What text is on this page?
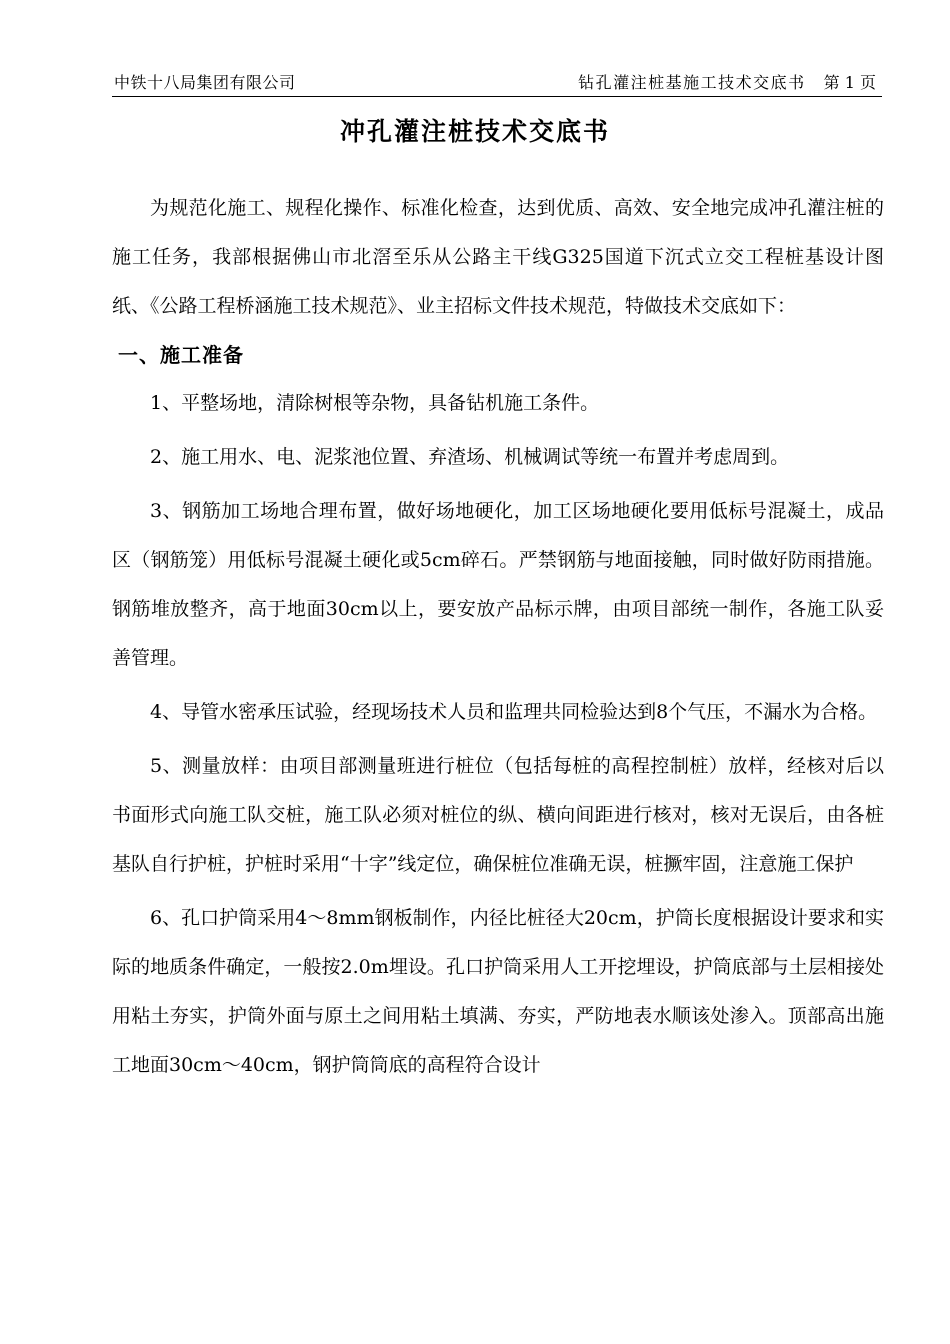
中铁十八局集团有限公司	钻孔灌注桩基施工技术交底书 第 1 页
冲孔灌注桩技术交底书

为规范化施工、规程化操作、标准化检查，达到优质、高效、安全地完成冲孔灌注桩的施工任务，我部根据佛山市北滘至乐从公路主干线G325国道下沉式立交工程桩基设计图纸、《公路工程桥涵施工技术规范》、业主招标文件技术规范，特做技术交底如下：

一、施工准备

1、平整场地，清除树根等杂物，具备钻机施工条件。

2、施工用水、电、泥浆池位置、弃渣场、机械调试等统一布置并考虑周到。

3、钢筋加工场地合理布置，做好场地硬化，加工区场地硬化要用低标号混凝土，成品区（钢筋笼）用低标号混凝土硬化或5cm碎石。严禁钢筋与地面接触，同时做好防雨措施。钢筋堆放整齐，高于地面30cm以上，要安放产品标示牌，由项目部统一制作，各施工队妥善管理。

4、导管水密承压试验，经现场技术人员和监理共同检验达到8个气压，不漏水为合格。

5、测量放样：由项目部测量班进行桩位（包括每桩的高程控制桩）放样，经核对后以书面形式向施工队交桩，施工队必须对桩位的纵、横向间距进行核对，核对无误后，由各桩基队自行护桩，护桩时采用“十字”线定位，确保桩位准确无误，桩撅牢固，注意施工保护

6、孔口护筒采用4～8mm钢板制作，内径比桩径大20cm，护筒长度根据设计要求和实际的地质条件确定，一般按2.0m埋设。孔口护筒采用人工开挖埋设，护筒底部与土层相接处用粘土夯实，护筒外面与原土之间用粘土填满、夯实，严防地表水顺该处渗入。顶部高出施工地面30cm～40cm，钢护筒筒底的高程符合设计
